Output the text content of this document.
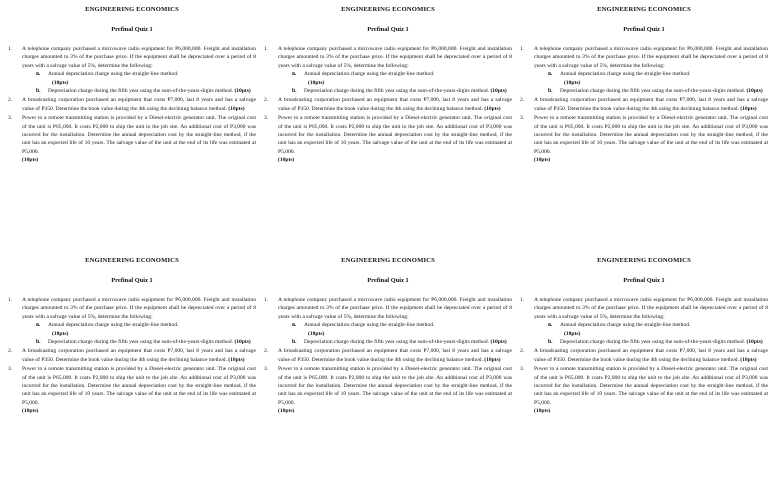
ENGINEERING ECONOMICS
Prefinal Quiz 1
1. A telephone company purchased a microwave radio equipment for P6,000,000. Freight and installation charges amounted to 3% of the purchase price. If the equipment shall be depreciated over a period of 8 years with a salvage value of 5%, determine the following:
a. Annual depreciation charge using the straight-line method.
(10pts)
b. Depreciation charge during the fifth year using the sum-of-the-years-digits method. (10pts)
2. A broadcasting corporation purchased an equipment that costs P7,000, last 8 years and has a salvage value of P350. Determine the book value during the 4th using the declining balance method. (10pts)
3. Power to a remote transmitting station is provided by a Diesel-electric generator unit. The original cost of the unit is P65,000. It costs P2,000 to ship the unit to the job site. An additional cost of P3,000 was incurred for the installation. Determine the annual depreciation cost by the straight-line method, if the unit has an expected life of 10 years. The salvage value of the unit at the end of its life was estimated at P5,000.
(10pts)
ENGINEERING ECONOMICS
Prefinal Quiz 1
1. A telephone company purchased a microwave radio equipment for P6,000,000. Freight and installation charges amounted to 3% of the purchase price. If the equipment shall be depreciated over a period of 8 years with a salvage value of 5%, determine the following:
a. Annual depreciation charge using the straight-line method.
(10pts)
b. Depreciation charge during the fifth year using the sum-of-the-years-digits method. (10pts)
2. A broadcasting corporation purchased an equipment that costs P7,000, last 8 years and has a salvage value of P350. Determine the book value during the 4th using the declining balance method. (10pts)
3. Power to a remote transmitting station is provided by a Diesel-electric generator unit. The original cost of the unit is P65,000. It costs P2,000 to ship the unit to the job site. An additional cost of P3,000 was incurred for the installation. Determine the annual depreciation cost by the straight-line method, if the unit has an expected life of 10 years. The salvage value of the unit at the end of its life was estimated at P5,000.
(10pts)
ENGINEERING ECONOMICS
Prefinal Quiz 1
1. A telephone company purchased a microwave radio equipment for P6,000,000. Freight and installation charges amounted to 3% of the purchase price. If the equipment shall be depreciated over a period of 8 years with a salvage value of 5%, determine the following:
a. Annual depreciation charge using the straight-line method.
(10pts)
b. Depreciation charge during the fifth year using the sum-of-the-years-digits method. (10pts)
2. A broadcasting corporation purchased an equipment that costs P7,000, last 8 years and has a salvage value of P350. Determine the book value during the 4th using the declining balance method. (10pts)
3. Power to a remote transmitting station is provided by a Diesel-electric generator unit. The original cost of the unit is P65,000. It costs P2,000 to ship the unit to the job site. An additional cost of P3,000 was incurred for the installation. Determine the annual depreciation cost by the straight-line method, if the unit has an expected life of 10 years. The salvage value of the unit at the end of its life was estimated at P5,000.
(10pts)
ENGINEERING ECONOMICS
Prefinal Quiz 1
1. A telephone company purchased a microwave radio equipment for P6,000,000. Freight and installation charges amounted to 3% of the purchase price. If the equipment shall be depreciated over a period of 8 years with a salvage value of 5%, determine the following:
a. Annual depreciation charge using the straight-line method.
(10pts)
b. Depreciation charge during the fifth year using the sum-of-the-years-digits method. (10pts)
2. A broadcasting corporation purchased an equipment that costs P7,000, last 8 years and has a salvage value of P350. Determine the book value during the 4th using the declining balance method. (10pts)
3. Power to a remote transmitting station is provided by a Diesel-electric generator unit. The original cost of the unit is P65,000. It costs P2,000 to ship the unit to the job site. An additional cost of P3,000 was incurred for the installation. Determine the annual depreciation cost by the straight-line method, if the unit has an expected life of 10 years. The salvage value of the unit at the end of its life was estimated at P5,000.
(10pts)
ENGINEERING ECONOMICS
Prefinal Quiz 1
1. A telephone company purchased a microwave radio equipment for P6,000,000. Freight and installation charges amounted to 3% of the purchase price. If the equipment shall be depreciated over a period of 8 years with a salvage value of 5%, determine the following:
a. Annual depreciation charge using the straight-line method.
(10pts)
b. Depreciation charge during the fifth year using the sum-of-the-years-digits method. (10pts)
2. A broadcasting corporation purchased an equipment that costs P7,000, last 8 years and has a salvage value of P350. Determine the book value during the 4th using the declining balance method. (10pts)
3. Power to a remote transmitting station is provided by a Diesel-electric generator unit. The original cost of the unit is P65,000. It costs P2,000 to ship the unit to the job site. An additional cost of P3,000 was incurred for the installation. Determine the annual depreciation cost by the straight-line method, if the unit has an expected life of 10 years. The salvage value of the unit at the end of its life was estimated at P5,000.
(10pts)
ENGINEERING ECONOMICS
Prefinal Quiz 1
1. A telephone company purchased a microwave radio equipment for P6,000,000. Freight and installation charges amounted to 3% of the purchase price. If the equipment shall be depreciated over a period of 8 years with a salvage value of 5%, determine the following:
a. Annual depreciation charge using the straight-line method.
(10pts)
b. Depreciation charge during the fifth year using the sum-of-the-years-digits method. (10pts)
2. A broadcasting corporation purchased an equipment that costs P7,000, last 8 years and has a salvage value of P350. Determine the book value during the 4th using the declining balance method. (10pts)
3. Power to a remote transmitting station is provided by a Diesel-electric generator unit. The original cost of the unit is P65,000. It costs P2,000 to ship the unit to the job site. An additional cost of P3,000 was incurred for the installation. Determine the annual depreciation cost by the straight-line method, if the unit has an expected life of 10 years. The salvage value of the unit at the end of its life was estimated at P5,000.
(10pts)
